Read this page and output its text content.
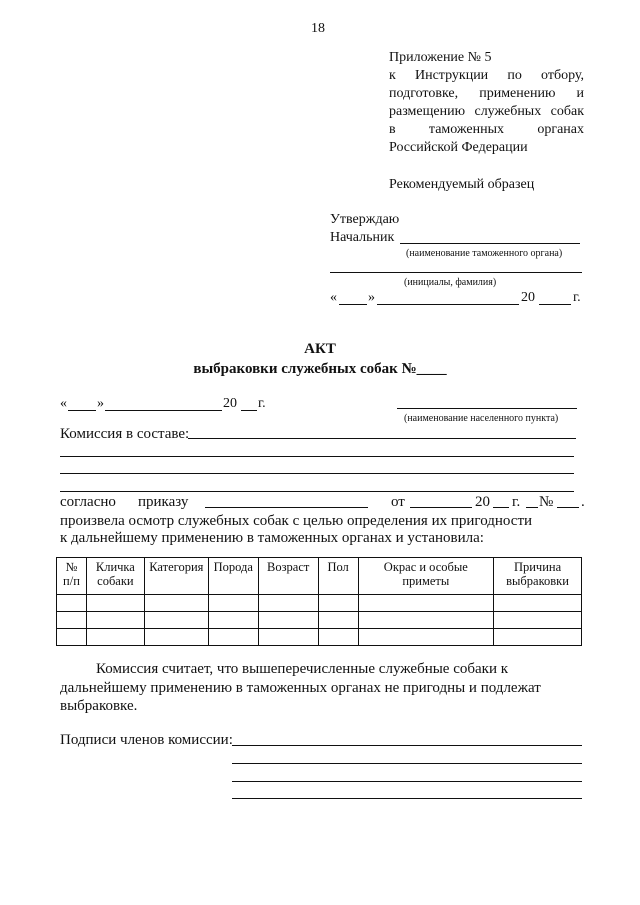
18
Приложение № 5
к Инструкции по отбору,
подготовке, применению и
размещению служебных собак
в таможенных органах
Российской Федерации
Рекомендуемый образец
Утверждаю
Начальник
(наименование таможенного органа)
(инициалы, фамилия)
« »	20	г.
АКТ
выбраковки служебных собак №____
« »	20 г.
(наименование населенного пункта)
Комиссия в составе:
согласно приказу	от	20 г. № .
произвела осмотр служебных собак с целью определения их пригодности
к дальнейшему применению в таможенных органах и установила:
№ п/п	Кличка собаки	Категория	Порода	Возраст	Пол	Окрас и особые приметы	Причина выбраковки

Комиссия считает, что вышеперечисленные служебные собаки к
дальнейшему применению в таможенных органах не пригодны и подлежат
выбраковке.
Подписи членов комиссии:
